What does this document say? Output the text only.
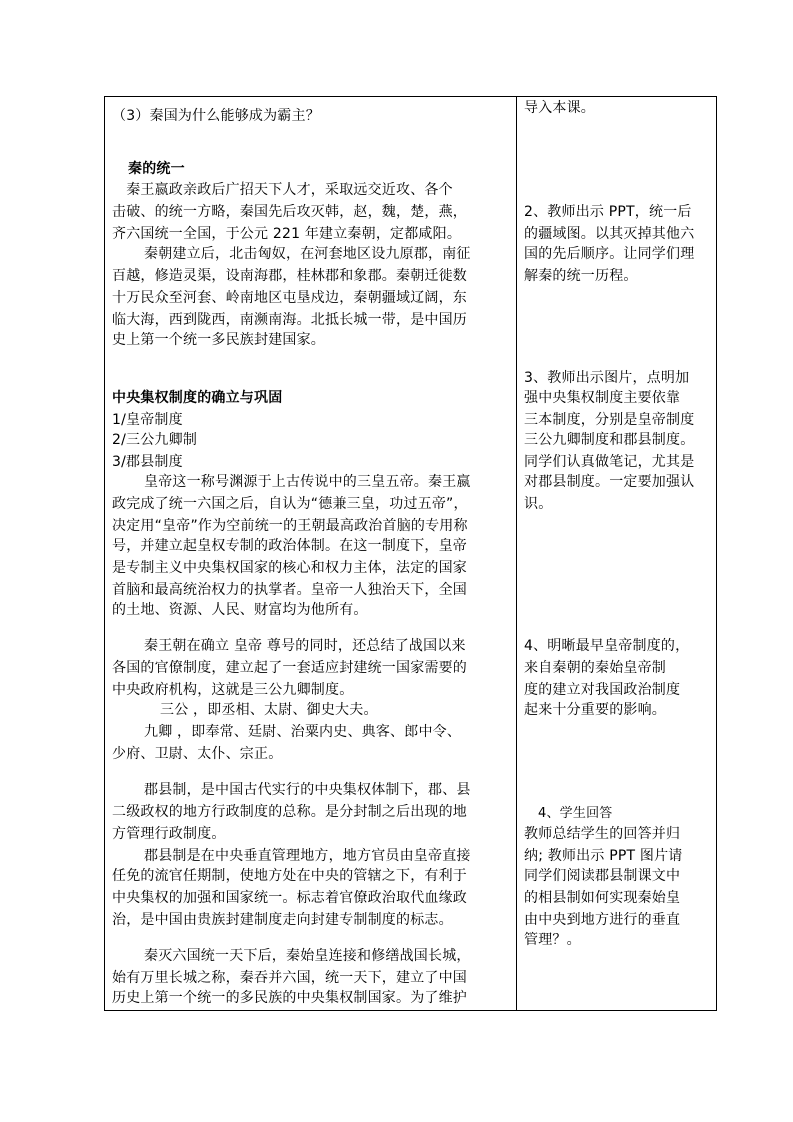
（3）秦国为什么能够成为霸主？
秦的统一
　秦王嬴政亲政后广招天下人才，采取远交近攻、各个
击破、的统一方略，秦国先后攻灭韩，赵，魏，楚，燕，
齐六国统一全国，于公元 221 年建立秦朝，定都咸阳。
秦朝建立后，北击匈奴，在河套地区设九原郡，南征
百越，修造灵渠，设南海郡，桂林郡和象郡。秦朝迁徙数
十万民众至河套、岭南地区屯垦戍边，秦朝疆域辽阔，东
临大海，西到陇西，南濒南海。北抵长城一带，是中国历
史上第一个统一多民族封建国家。
中央集权制度的确立与巩固
1/皇帝制度
2/三公九卿制
3/郡县制度
皇帝这一称号渊源于上古传说中的三皇五帝。秦王嬴
政完成了统一六国之后，自认为“德兼三皇，功过五帝”，
决定用“皇帝”作为空前统一的王朝最高政治首脑的专用称
号，并建立起皇权专制的政治体制。在这一制度下，皇帝
是专制主义中央集权国家的核心和权力主体，法定的国家
首脑和最高统治权力的执掌者。皇帝一人独治天下，全国
的土地、资源、人民、财富均为他所有。
秦王朝在确立 皇帝 尊号的同时，还总结了战国以来
各国的官僚制度，建立起了一套适应封建统一国家需要的
中央政府机构，这就是三公九卿制度。
三公 ，即丞相、太尉、御史大夫。
九卿 ，即奉常、廷尉、治粟内史、典客、郎中令、
少府、卫尉、太仆、宗正。
郡县制，是中国古代实行的中央集权体制下，郡、县
二级政权的地方行政制度的总称。是分封制之后出现的地
方管理行政制度。
郡县制是在中央垂直管理地方，地方官员由皇帝直接
任免的流官任期制，使地方处在中央的管辖之下，有利于
中央集权的加强和国家统一。标志着官僚政治取代血缘政
治，是中国由贵族封建制度走向封建专制制度的标志。
秦灭六国统一天下后，秦始皇连接和修缮战国长城，
始有万里长城之称，秦吞并六国，统一天下，建立了中国
历史上第一个统一的多民族的中央集权制国家。为了维护
导入本课。
2、教师出示 PPT，统一后
的疆域图。以其灭掉其他六
国的先后顺序。让同学们理
解秦的统一历程。
3、教师出示图片，点明加
强中央集权制度主要依靠
三本制度，分别是皇帝制度
三公九卿制度和郡县制度。
同学们认真做笔记，尤其是
对郡县制度。一定要加强认
识。
4、明晰最早皇帝制度的，
来自秦朝的秦始皇帝制
度的建立对我国政治制度
起来十分重要的影响。
4、学生回答
教师总结学生的回答并归
纳; 教师出示 PPT 图片请
同学们阅读郡县制课文中
的相县制如何实现秦始皇
由中央到地方进行的垂直
管理？。
